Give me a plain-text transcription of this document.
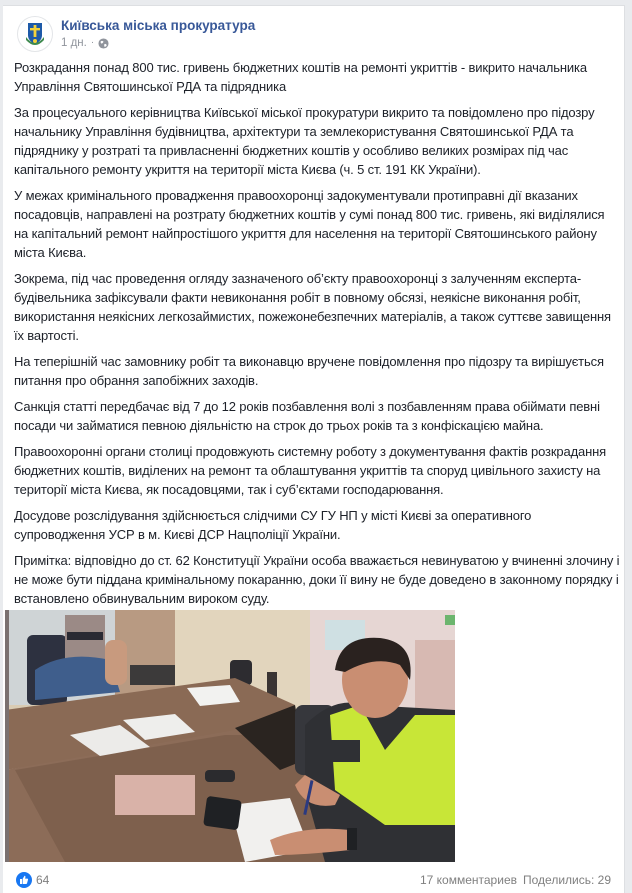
Київська міська прокуратура
1 дн. ·

Розкрадання понад 800 тис. гривень бюджетних коштів на ремонті укриттів - викрито начальника Управління Святошинської РДА та підрядника

За процесуального керівництва Київської міської прокуратури викрито та повідомлено про підозру начальнику Управління будівництва, архітектури та землекористування Святошинської РДА та підряднику у розтраті та привласненні бюджетних коштів у особливо великих розмірах під час капітального ремонту укриття на території міста Києва (ч. 5 ст. 191 КК України).

У межах кримінального провадження правоохоронці задокументували протиправні дії вказаних посадовців, направлені на розтрату бюджетних коштів у сумі понад 800 тис. гривень, які виділялися на капітальний ремонт найпростішого укриття для населення на території Святошинського району міста Києва.

Зокрема, під час проведення огляду зазначеного об’єкту правоохоронці з залученням експерта-будівельника зафіксували факти невиконання робіт в повному обсязі, неякісне виконання робіт, використання неякісних легкозаймистих, пожежонебезпечних матеріалів, а також суттєве завищення їх вартості.

На теперішній час замовнику робіт та виконавцю вручене повідомлення про підозру та вирішується питання про обрання запобіжних заходів.

Санкція статті передбачає від 7 до 12 років позбавлення волі з позбавленням права обіймати певні посади чи займатися певною діяльністю на строк до трьох років та з конфіскацією майна.

Правоохоронні органи столиці продовжують системну роботу з документування фактів розкрадання бюджетних коштів, виділених на ремонт та облаштування укриттів та споруд цивільного захисту на території міста Києва, як посадовцями, так і суб’єктами господарювання.

Досудове розслідування здійснюється слідчими СУ ГУ НП у місті Києві за оперативного супроводження УСР в м. Києві ДСР Нацполіції України.

Примітка: відповідно до ст. 62 Конституції України особа вважається невинуватою у вчиненні злочину і не може бути піддана кримінальному покаранню, доки її вину не буде доведено в законному порядку і встановлено обвинувальним вироком суду.

64	17 комментариев Поделились: 29
